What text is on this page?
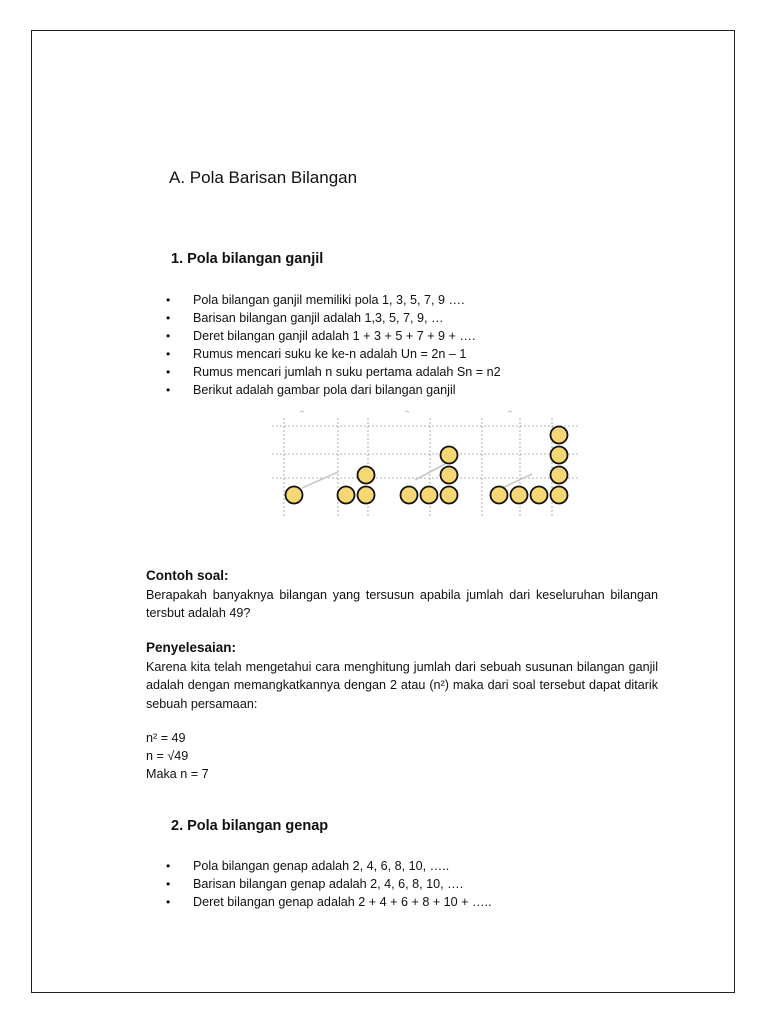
A. Pola Barisan Bilangan
1. Pola bilangan ganjil
• Pola bilangan ganjil memiliki pola 1, 3, 5, 7, 9 ….
• Barisan bilangan ganjil adalah 1,3, 5, 7, 9, …
• Deret bilangan ganjil adalah 1 + 3 + 5 + 7 + 9 + ….
• Rumus mencari suku ke ke-n adalah Un = 2n – 1
• Rumus mencari jumlah n suku pertama adalah Sn = n2
• Berikut adalah gambar pola dari bilangan ganjil
Contoh soal:
Berapakah banyaknya bilangan yang tersusun apabila jumlah dari keseluruhan bilangan tersbut adalah 49?
Penyelesaian:
Karena kita telah mengetahui cara menghitung jumlah dari sebuah susunan bilangan ganjil adalah dengan memangkatkannya dengan 2 atau (n²) maka dari soal tersebut dapat ditarik sebuah persamaan:
n² = 49
n = √49
Maka n = 7
2. Pola bilangan genap
• Pola bilangan genap adalah 2, 4, 6, 8, 10, …..
• Barisan bilangan genap adalah 2, 4, 6, 8, 10, ….
• Deret bilangan genap adalah 2 + 4 + 6 + 8 + 10 + …..
